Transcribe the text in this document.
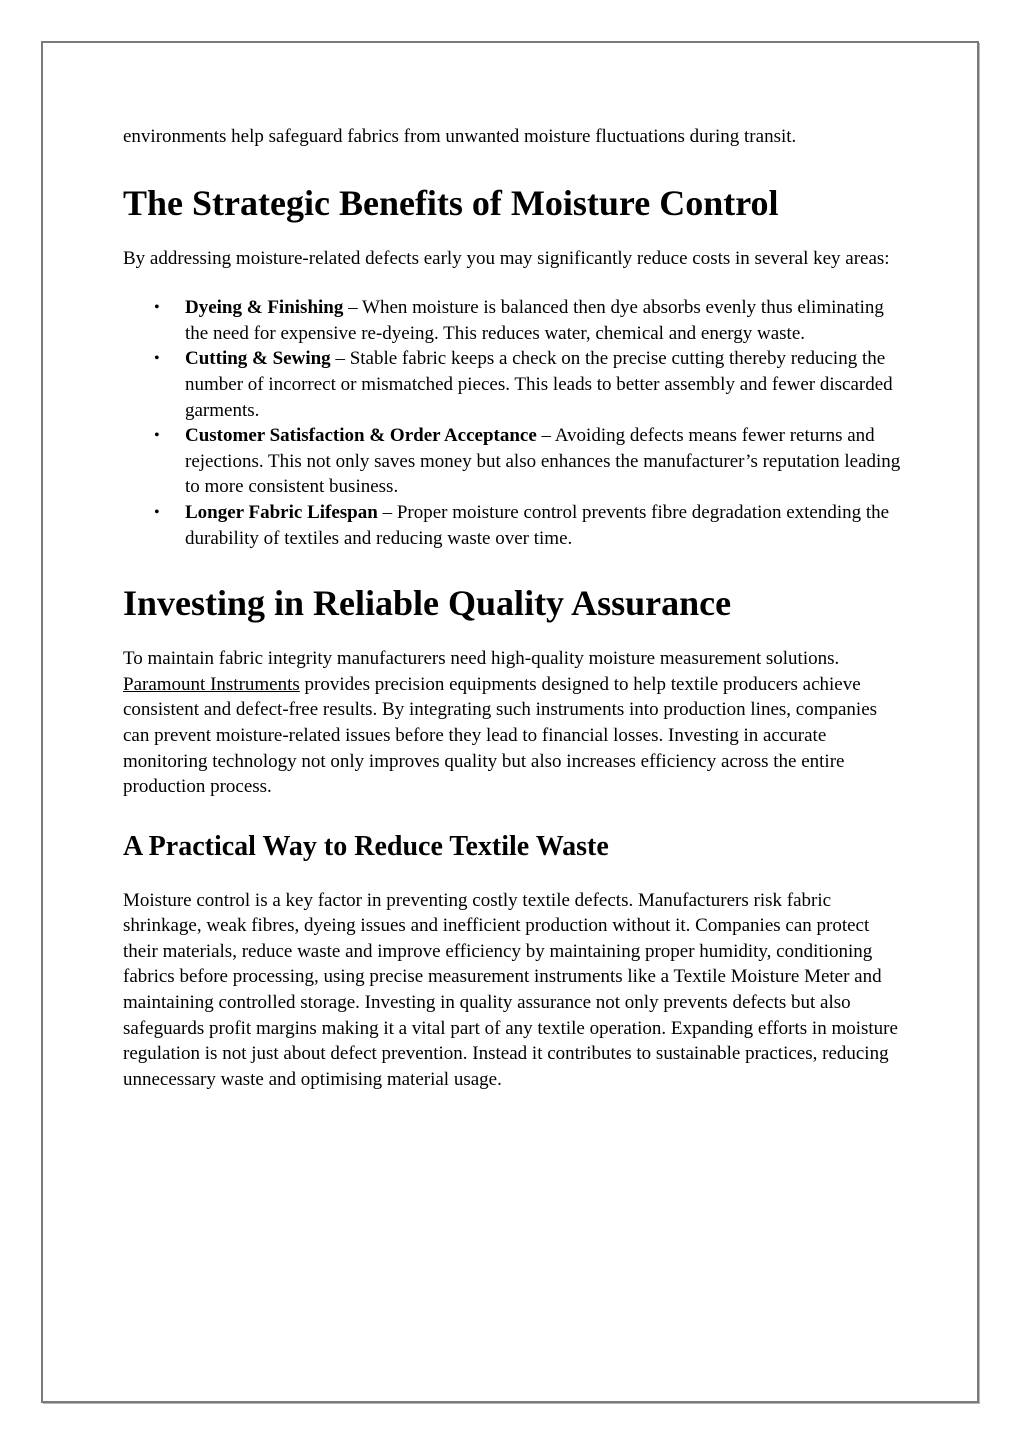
environments help safeguard fabrics from unwanted moisture fluctuations during transit.

The Strategic Benefits of Moisture Control

By addressing moisture-related defects early you may significantly reduce costs in several key areas:

• Dyeing & Finishing – When moisture is balanced then dye absorbs evenly thus eliminating the need for expensive re-dyeing. This reduces water, chemical and energy waste.
• Cutting & Sewing – Stable fabric keeps a check on the precise cutting thereby reducing the number of incorrect or mismatched pieces. This leads to better assembly and fewer discarded garments.
• Customer Satisfaction & Order Acceptance – Avoiding defects means fewer returns and rejections. This not only saves money but also enhances the manufacturer’s reputation leading to more consistent business.
• Longer Fabric Lifespan – Proper moisture control prevents fibre degradation extending the durability of textiles and reducing waste over time.
Investing in Reliable Quality Assurance

To maintain fabric integrity manufacturers need high-quality moisture measurement solutions. Paramount Instruments provides precision equipments designed to help textile producers achieve consistent and defect-free results. By integrating such instruments into production lines, companies can prevent moisture-related issues before they lead to financial losses. Investing in accurate monitoring technology not only improves quality but also increases efficiency across the entire production process.

A Practical Way to Reduce Textile Waste

Moisture control is a key factor in preventing costly textile defects. Manufacturers risk fabric shrinkage, weak fibres, dyeing issues and inefficient production without it. Companies can protect their materials, reduce waste and improve efficiency by maintaining proper humidity, conditioning fabrics before processing, using precise measurement instruments like a Textile Moisture Meter and maintaining controlled storage. Investing in quality assurance not only prevents defects but also safeguards profit margins making it a vital part of any textile operation. Expanding efforts in moisture regulation is not just about defect prevention. Instead it contributes to sustainable practices, reducing unnecessary waste and optimising material usage.
